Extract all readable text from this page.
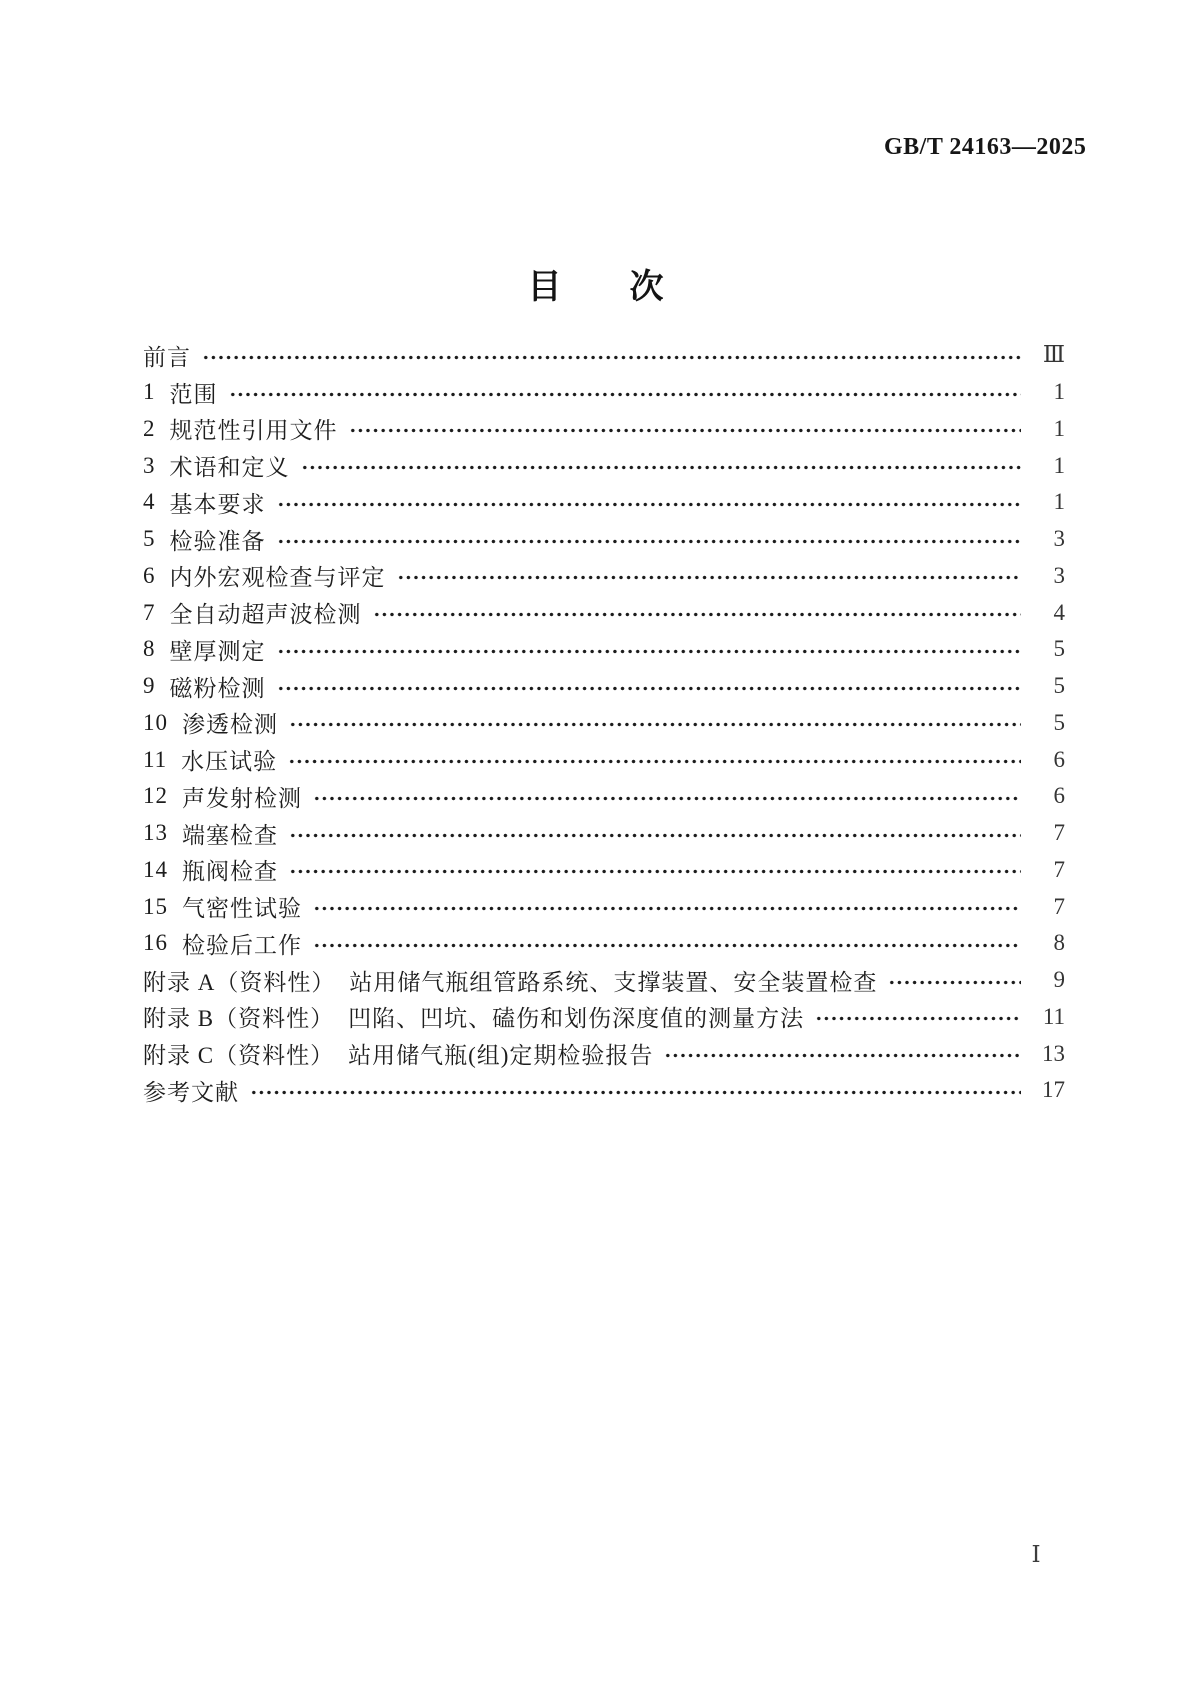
GB/T 24163—2025
目　　次
前言	Ⅲ
1 范围	1
2 规范性引用文件	1
3 术语和定义	1
4 基本要求	1
5 检验准备	3
6 内外宏观检查与评定	3
7 全自动超声波检测	4
8 壁厚测定	5
9 磁粉检测	5
10 渗透检测	5
11 水压试验	6
12 声发射检测	6
13 端塞检查	7
14 瓶阀检查	7
15 气密性试验	7
16 检验后工作	8
附录 A（资料性） 站用储气瓶组管路系统、支撑装置、安全装置检查	9
附录 B（资料性） 凹陷、凹坑、磕伤和划伤深度值的测量方法	11
附录 C（资料性） 站用储气瓶(组)定期检验报告	13
参考文献	17
Ⅰ
